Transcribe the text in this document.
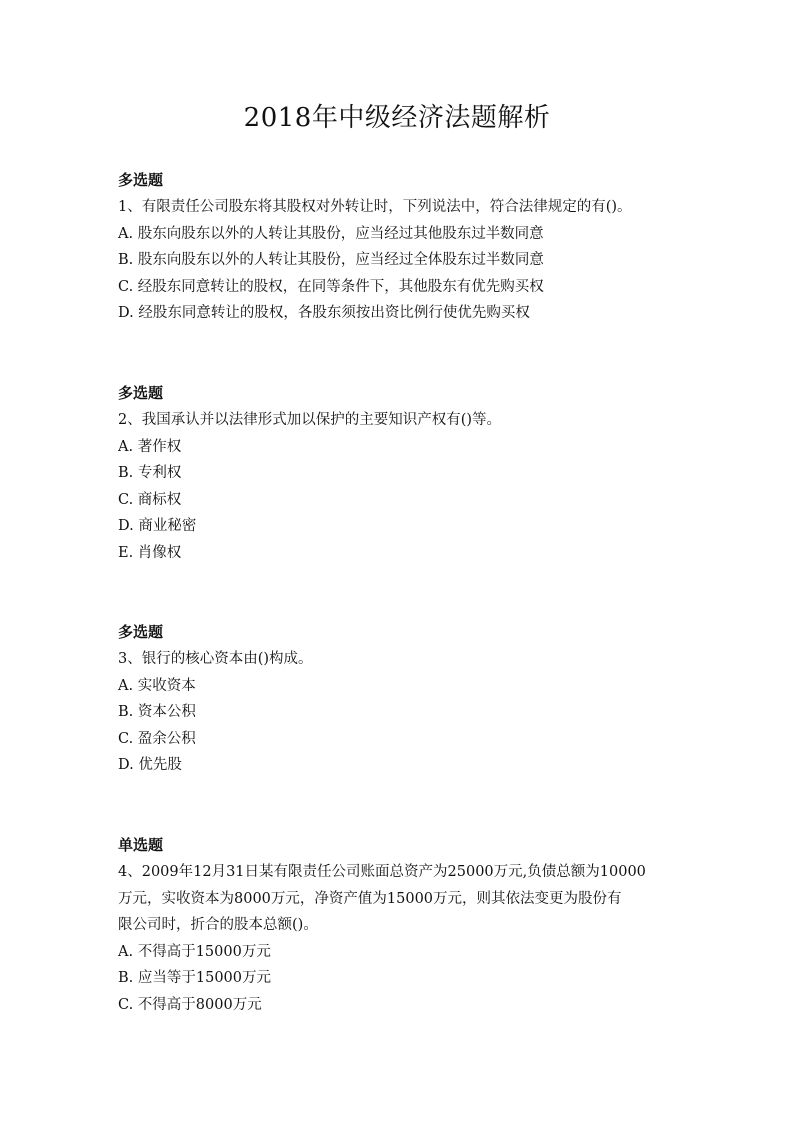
2018年中级经济法题解析
多选题
1、有限责任公司股东将其股权对外转让时，下列说法中，符合法律规定的有()。
A. 股东向股东以外的人转让其股份，应当经过其他股东过半数同意
B. 股东向股东以外的人转让其股份，应当经过全体股东过半数同意
C. 经股东同意转让的股权，在同等条件下，其他股东有优先购买权
D. 经股东同意转让的股权，各股东须按出资比例行使优先购买权
多选题
2、我国承认并以法律形式加以保护的主要知识产权有()等。
A. 著作权
B. 专利权
C. 商标权
D. 商业秘密
E. 肖像权
多选题
3、银行的核心资本由()构成。
A. 实收资本
B. 资本公积
C. 盈余公积
D. 优先股
单选题
4、2009年12月31日某有限责任公司账面总资产为25000万元,负债总额为10000
万元，实收资本为8000万元，净资产值为15000万元，则其依法变更为股份有
限公司时，折合的股本总额()。
A. 不得高于15000万元
B. 应当等于15000万元
C. 不得高于8000万元
